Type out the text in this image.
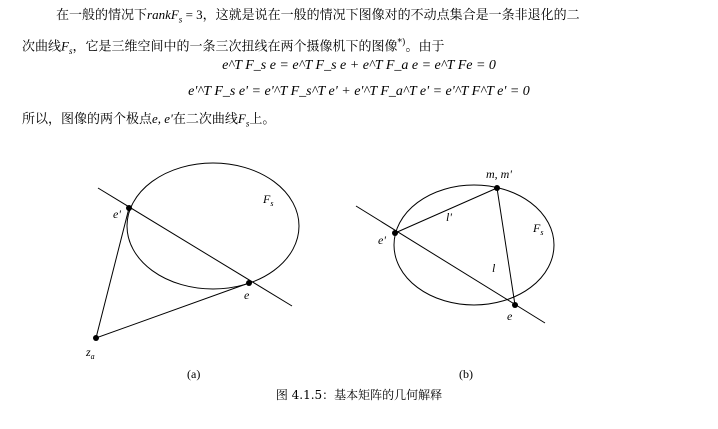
在一般的情况下rankF$_s$ = 3，这就是说在一般的情况下图像对的不动点集合是一条非退化的二
次曲线$F_s$，它是三维空间中的一条三次扭线在两个摄像机下的图像*)。由于
e^T F_s e = e^T F_s e + e^T F_a e = e^T Fe = 0
e'^T F_s e' = e'^T F_s^T e' + e'^T F_a^T e' = e'^T F^T e' = 0
所以，图像的两个极点e, e'在二次曲线$F_s$上。
e'
e
$F_s$
$z_a$
(a)
m, m'
l'
l
e'
e
$F_s$
(b)
图 4.1.5：基本矩阵的几何解释
